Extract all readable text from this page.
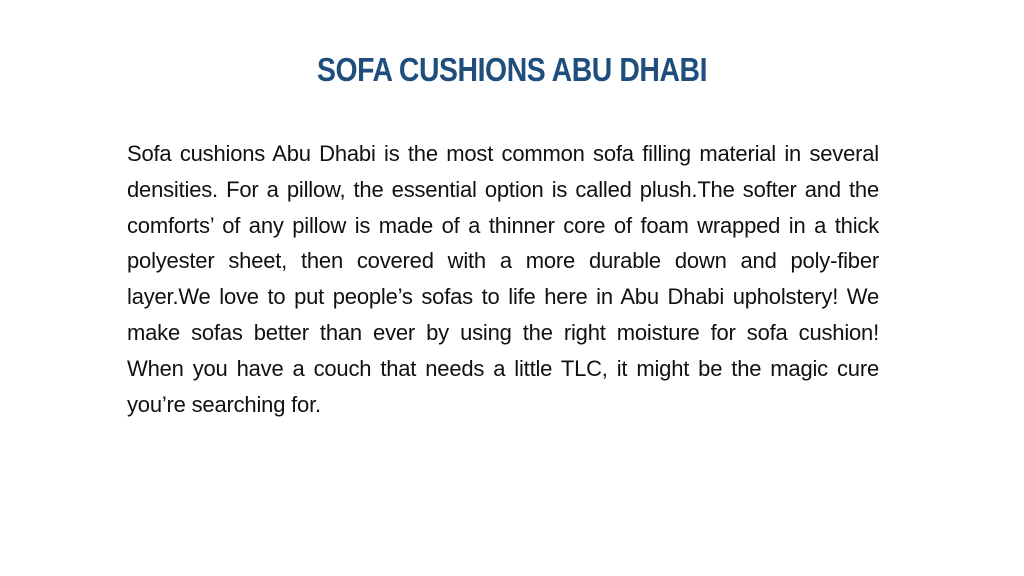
SOFA CUSHIONS ABU DHABI
Sofa cushions Abu Dhabi is the most common sofa filling material in several densities. For a pillow, the essential option is called plush.The softer and the comforts’ of any pillow is made of a thinner core of foam wrapped in a thick polyester sheet, then covered with a more durable down and poly-fiber layer.We love to put people’s sofas to life here in Abu Dhabi upholstery! We make sofas better than ever by using the right moisture for sofa cushion! When you have a couch that needs a little TLC, it might be the magic cure you’re searching for.
